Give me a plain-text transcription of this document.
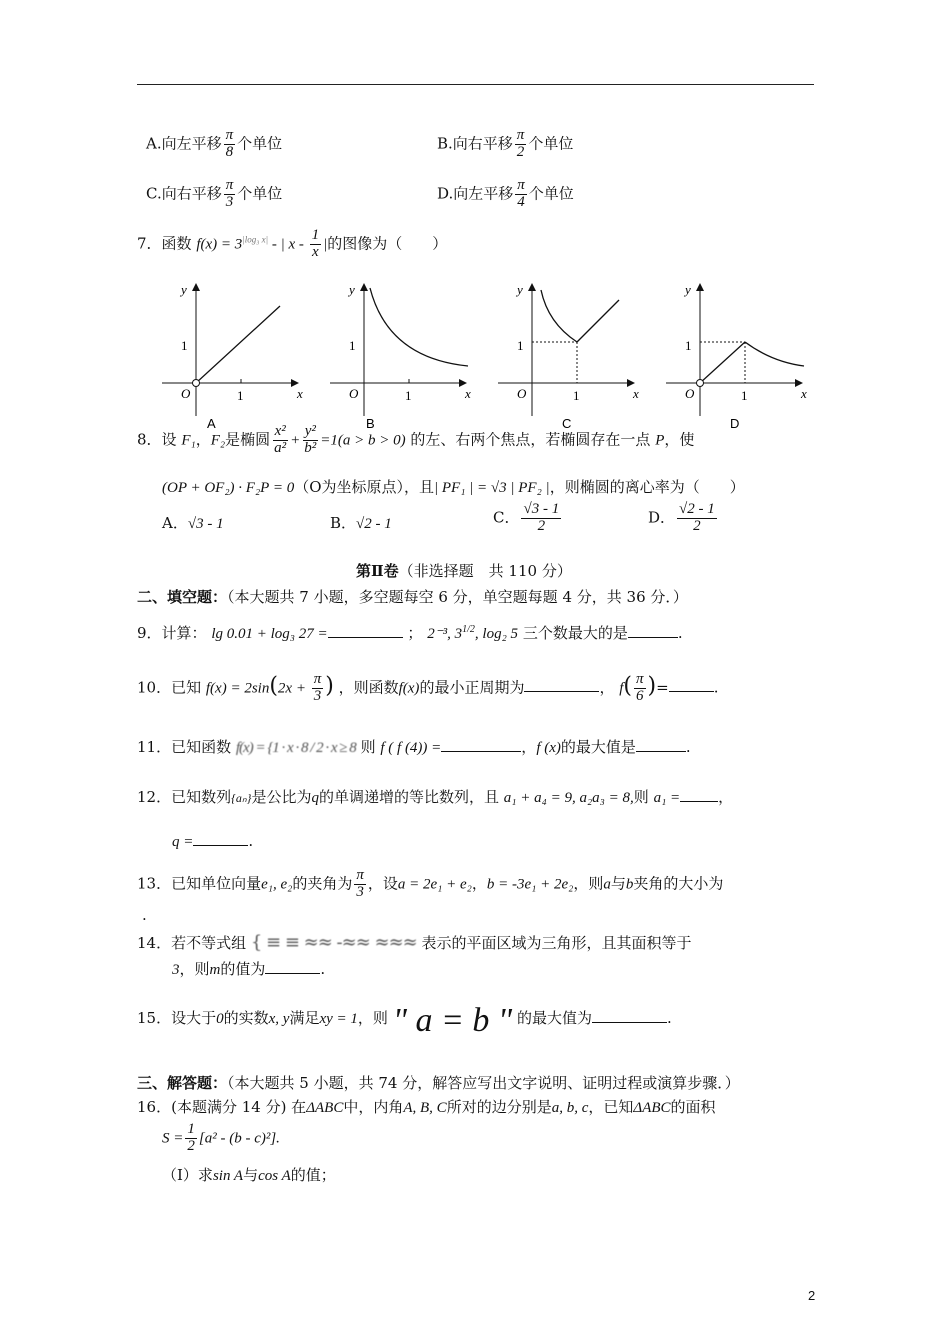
A.向左平移 $\frac{\pi}{8}$ 个单位	B.向右平移 $\frac{\pi}{2}$ 个单位
C.向右平移 $\frac{\pi}{3}$ 个单位	D.向左平移 $\frac{\pi}{4}$ 个单位
7．函数 $f(x) = 3^{|log_3 x|}$ - | x - $\frac{1}{x}$ |的图像为（　　）
y
x
O
1
1
A
y
x
O
1
1
B
y
x
O
1
1
C
y
x
O
1
1
D
8．设 F₁，F₂是椭圆 $\frac{\text{x²}}{\text{a²}} + \frac{\text{y²}}{\text{b²}} =1(a > b > 0)$ 的左、右两个焦点，若椭圆存在一点 P，使
(OP + OF₂) · F₂P = 0（O为坐标原点），且| PF₁ | = √3 | PF₂ |，则椭圆的离心率为（　　）
A．√3 - 1	B．√2 - 1	C． $\frac{√3 - 1}{2}$	D． $\frac{√2 - 1}{2}$
第Ⅱ卷（非选择题　共 110 分）
二、填空题：（本大题共 7 小题，多空题每空 6 分，单空题每题 4 分，共 36 分．）
9．计算： lg 0.01 + log₃ 27 =	； 2⁻³, $3^{1/2}$, log₂ 5 三个数最大的是	.
10．已知 $f(x) = 2\sin(2x + \frac{\pi}{3}$ ) ，则函数f(x)的最小正周期为	， $f( \frac{\pi}{6}$ )=	.
11．已知函数 f(x) = {1 · x · 8 / 2 · x ≥ 8 则 f ( f (4)) =	，f (x)的最大值是	.
12．已知数列{aₙ}是公比为q的单调递增的等比数列，且 a₁ + a₄ = 9, a₂a₃ = 8,则 a₁ =	，
q =	.
13．已知单位向量e₁, e₂的夹角为 $\frac{\pi}{3}$ ，设a = 2e₁ + e₂，b = -3e₁ + 2e₂，则a与b夹角的大小为
.
14．若不等式组 { ≡ ≡ ≈≈ -≈≈ ≈≈≈ 表示的平面区域为三角形，且其面积等于
3，则m的值为	.
15．设大于0的实数x, y满足xy = 1，则 " a = b " 的最大值为	.
三、解答题：（本大题共 5 小题，共 74 分，解答应写出文字说明、证明过程或演算步骤．）
16．(本题满分 14 分) 在ΔABC中，内角A, B, C所对的边分别是a, b, c，已知ΔABC的面积
$S = \frac{1}{2} [a^2 - (b - c)^2]$.
（Ⅰ）求sin A与cos A的值；
2
